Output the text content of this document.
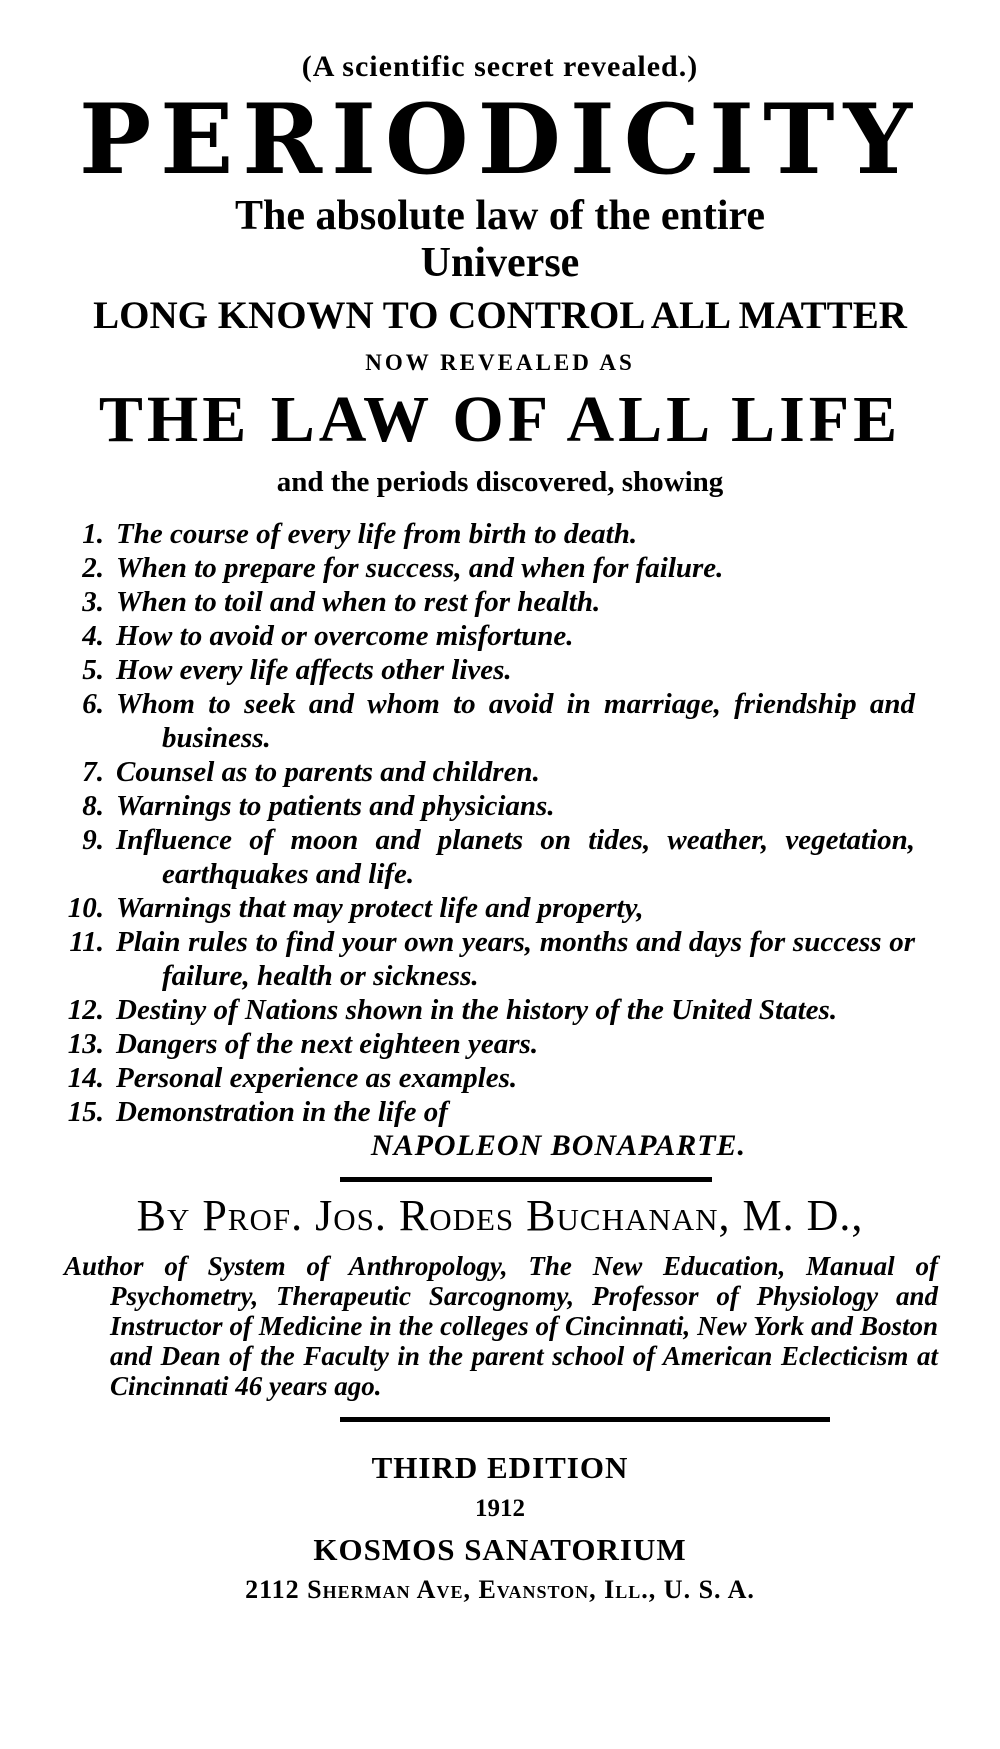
(A scientific secret revealed.)
PERIODICITY
The absolute law of the entire
Universe
LONG KNOWN TO CONTROL ALL MATTER
NOW REVEALED AS
THE LAW OF ALL LIFE
and the periods discovered, showing
1. The course of every life from birth to death.
2. When to prepare for success, and when for failure.
3. When to toil and when to rest for health.
4. How to avoid or overcome misfortune.
5. How every life affects other lives.
6. Whom to seek and whom to avoid in marriage, friendship and business.
7. Counsel as to parents and children.
8. Warnings to patients and physicians.
9. Influence of moon and planets on tides, weather, vegetation, earthquakes and life.
10. Warnings that may protect life and property,
11. Plain rules to find your own years, months and days for success or failure, health or sickness.
12. Destiny of Nations shown in the history of the United States.
13. Dangers of the next eighteen years.
14. Personal experience as examples.
15. Demonstration in the life of
NAPOLEON BONAPARTE.
By Prof. Jos. Rodes Buchanan, M. D.,
Author of System of Anthropology, The New Education, Manual of Psychometry, Therapeutic Sarcognomy, Professor of Physiology and Instructor of Medicine in the colleges of Cincinnati, New York and Boston and Dean of the Faculty in the parent school of American Eclecticism at Cincinnati 46 years ago.
THIRD EDITION
1912
KOSMOS SANATORIUM
2112 Sherman Ave, Evanston, Ill., U. S. A.
